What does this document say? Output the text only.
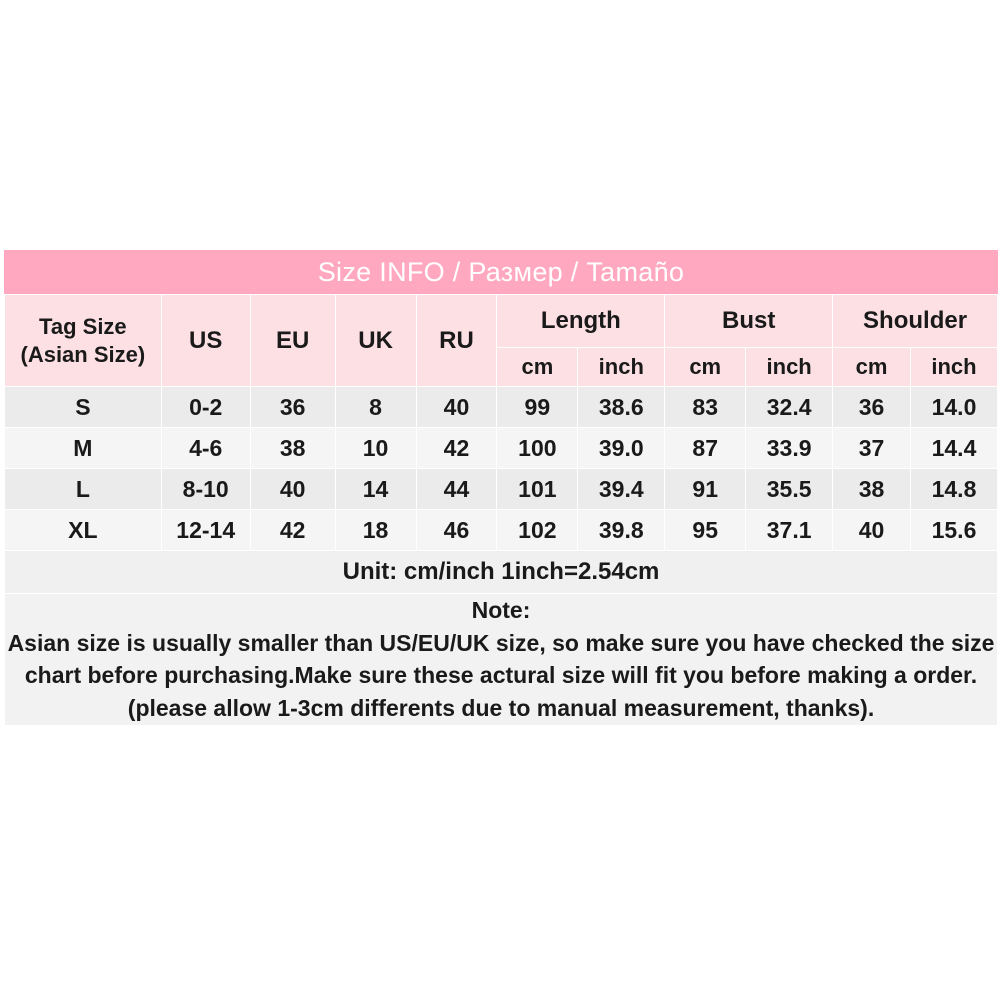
Size INFO / Размер / Tamaño
Tag Size (Asian Size)	US	EU	UK	RU	Length		Bust		Shoulder	
					cm	inch	cm	inch	cm	inch
S	0-2	36	8	40	99	38.6	83	32.4	36	14.0
M	4-6	38	10	42	100	39.0	87	33.9	37	14.4
L	8-10	40	14	44	101	39.4	91	35.5	38	14.8
XL	12-14	42	18	46	102	39.8	95	37.1	40	15.6
Unit: cm/inch 1inch=2.54cm										

Note:
Asian size is usually smaller than US/EU/UK size, so make sure you have checked the size chart before purchasing.Make sure these actural size will fit you before making a order.(please allow 1-3cm differents due to manual measurement, thanks).										
